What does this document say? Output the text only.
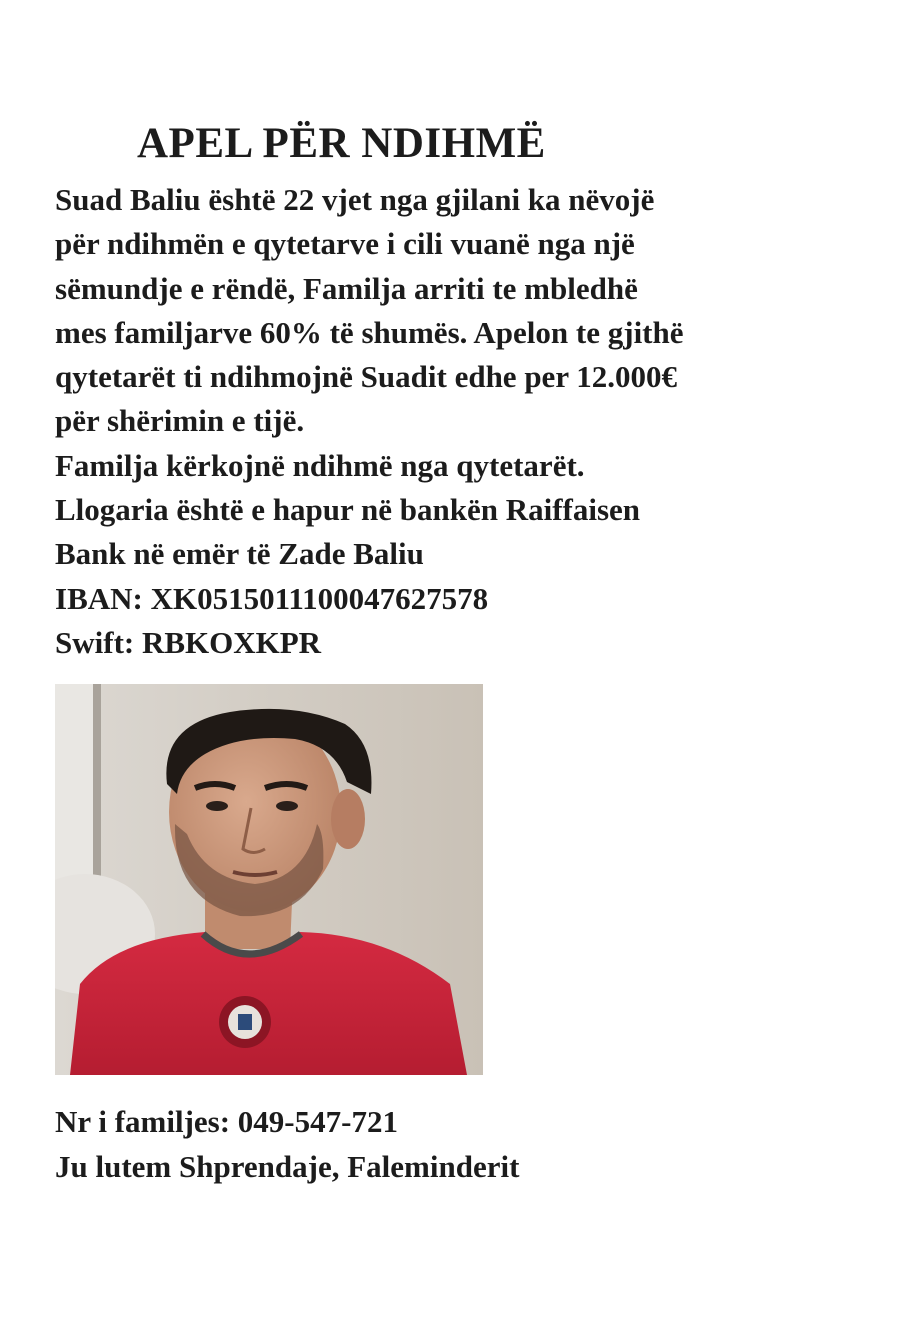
APEL PËR NDIHMË
Suad Baliu është 22 vjet nga gjilani ka nëvojë
për ndihmën e qytetarve i cili vuanë nga një
sëmundje e rëndë, Familja arriti te mbledhë
mes familjarve 60% të shumës. Apelon te gjithë
qytetarët ti ndihmojnë Suadit edhe per 12.000€
për shërimin e tijë.
Familja kërkojnë ndihmë nga qytetarët.
Llogaria është e hapur në bankën Raiffaisen
Bank në emër të Zade Baliu
IBAN: XK0515011100047627578
Swift: RBKOXKPR
Nr i familjes: 049-547-721
Ju lutem Shprendaje, Faleminderit
